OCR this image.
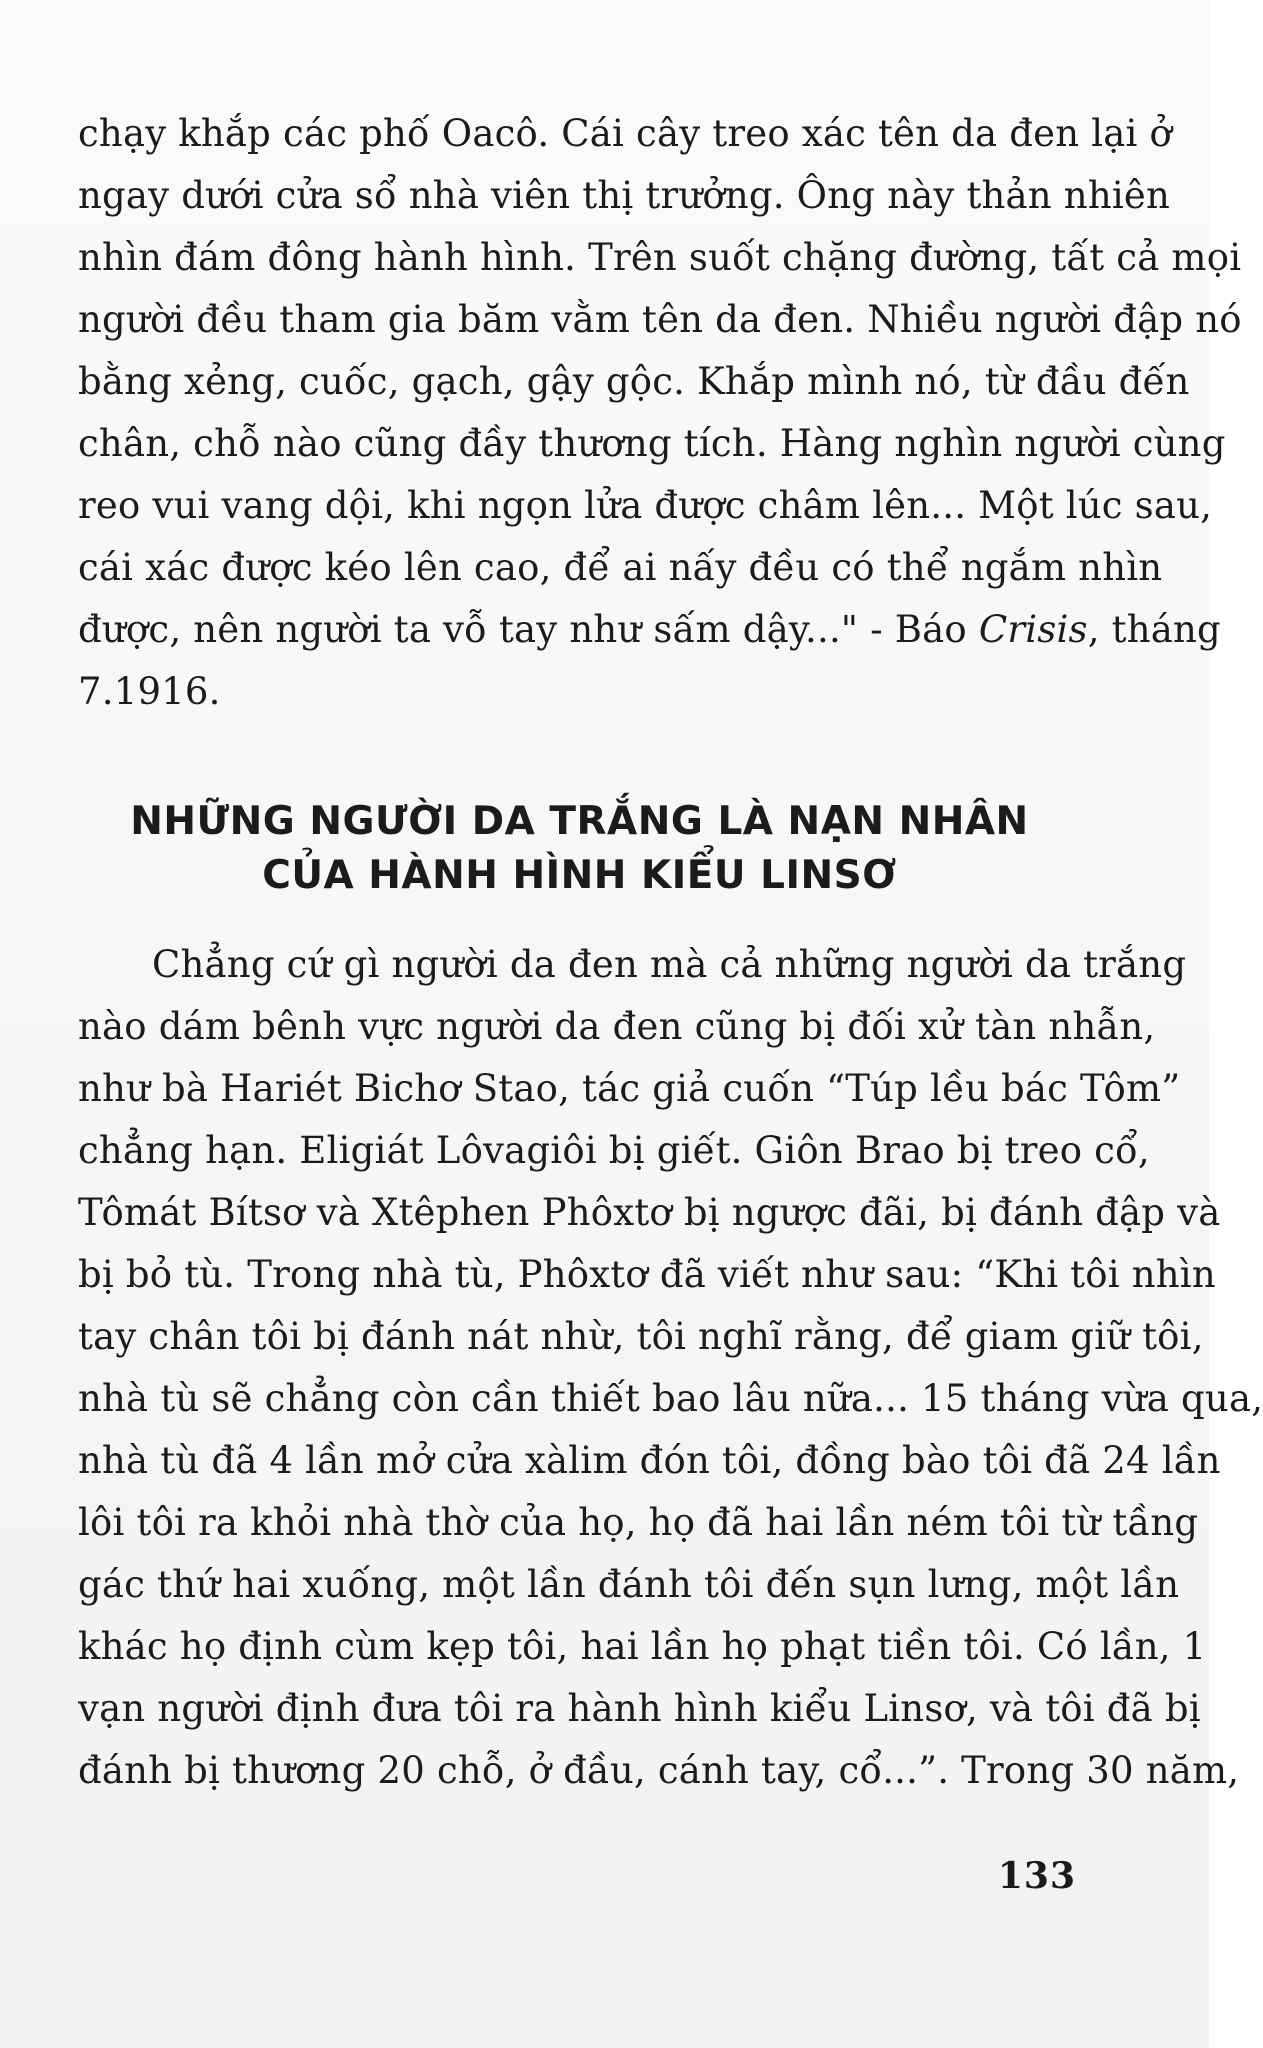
chạy khắp các phố Oacô. Cái cây treo xác tên da đen lại ở
ngay dưới cửa sổ nhà viên thị trưởng. Ông này thản nhiên
nhìn đám đông hành hình. Trên suốt chặng đường, tất cả mọi
người đều tham gia băm vằm tên da đen. Nhiều người đập nó
bằng xẻng, cuốc, gạch, gậy gộc. Khắp mình nó, từ đầu đến
chân, chỗ nào cũng đầy thương tích. Hàng nghìn người cùng
reo vui vang dội, khi ngọn lửa được châm lên... Một lúc sau,
cái xác được kéo lên cao, để ai nấy đều có thể ngắm nhìn
được, nên người ta vỗ tay như sấm dậy..." - Báo Crisis, tháng
7.1916.
NHỮNG NGƯỜI DA TRẮNG LÀ NẠN NHÂN
CỦA HÀNH HÌNH KIỂU LINSƠ
Chẳng cứ gì người da đen mà cả những người da trắng
nào dám bênh vực người da đen cũng bị đối xử tàn nhẫn,
như bà Hariét Bichơ Stao, tác giả cuốn “Túp lều bác Tôm”
chẳng hạn. Eligiát Lôvagiôi bị giết. Giôn Brao bị treo cổ,
Tômát Bítsơ và Xtêphen Phôxtơ bị ngược đãi, bị đánh đập và
bị bỏ tù. Trong nhà tù, Phôxtơ đã viết như sau: “Khi tôi nhìn
tay chân tôi bị đánh nát nhừ, tôi nghĩ rằng, để giam giữ tôi,
nhà tù sẽ chẳng còn cần thiết bao lâu nữa... 15 tháng vừa qua,
nhà tù đã 4 lần mở cửa xàlim đón tôi, đồng bào tôi đã 24 lần
lôi tôi ra khỏi nhà thờ của họ, họ đã hai lần ném tôi từ tầng
gác thứ hai xuống, một lần đánh tôi đến sụn lưng, một lần
khác họ định cùm kẹp tôi, hai lần họ phạt tiền tôi. Có lần, 1
vạn người định đưa tôi ra hành hình kiểu Linsơ, và tôi đã bị
đánh bị thương 20 chỗ, ở đầu, cánh tay, cổ...”. Trong 30 năm,
133
